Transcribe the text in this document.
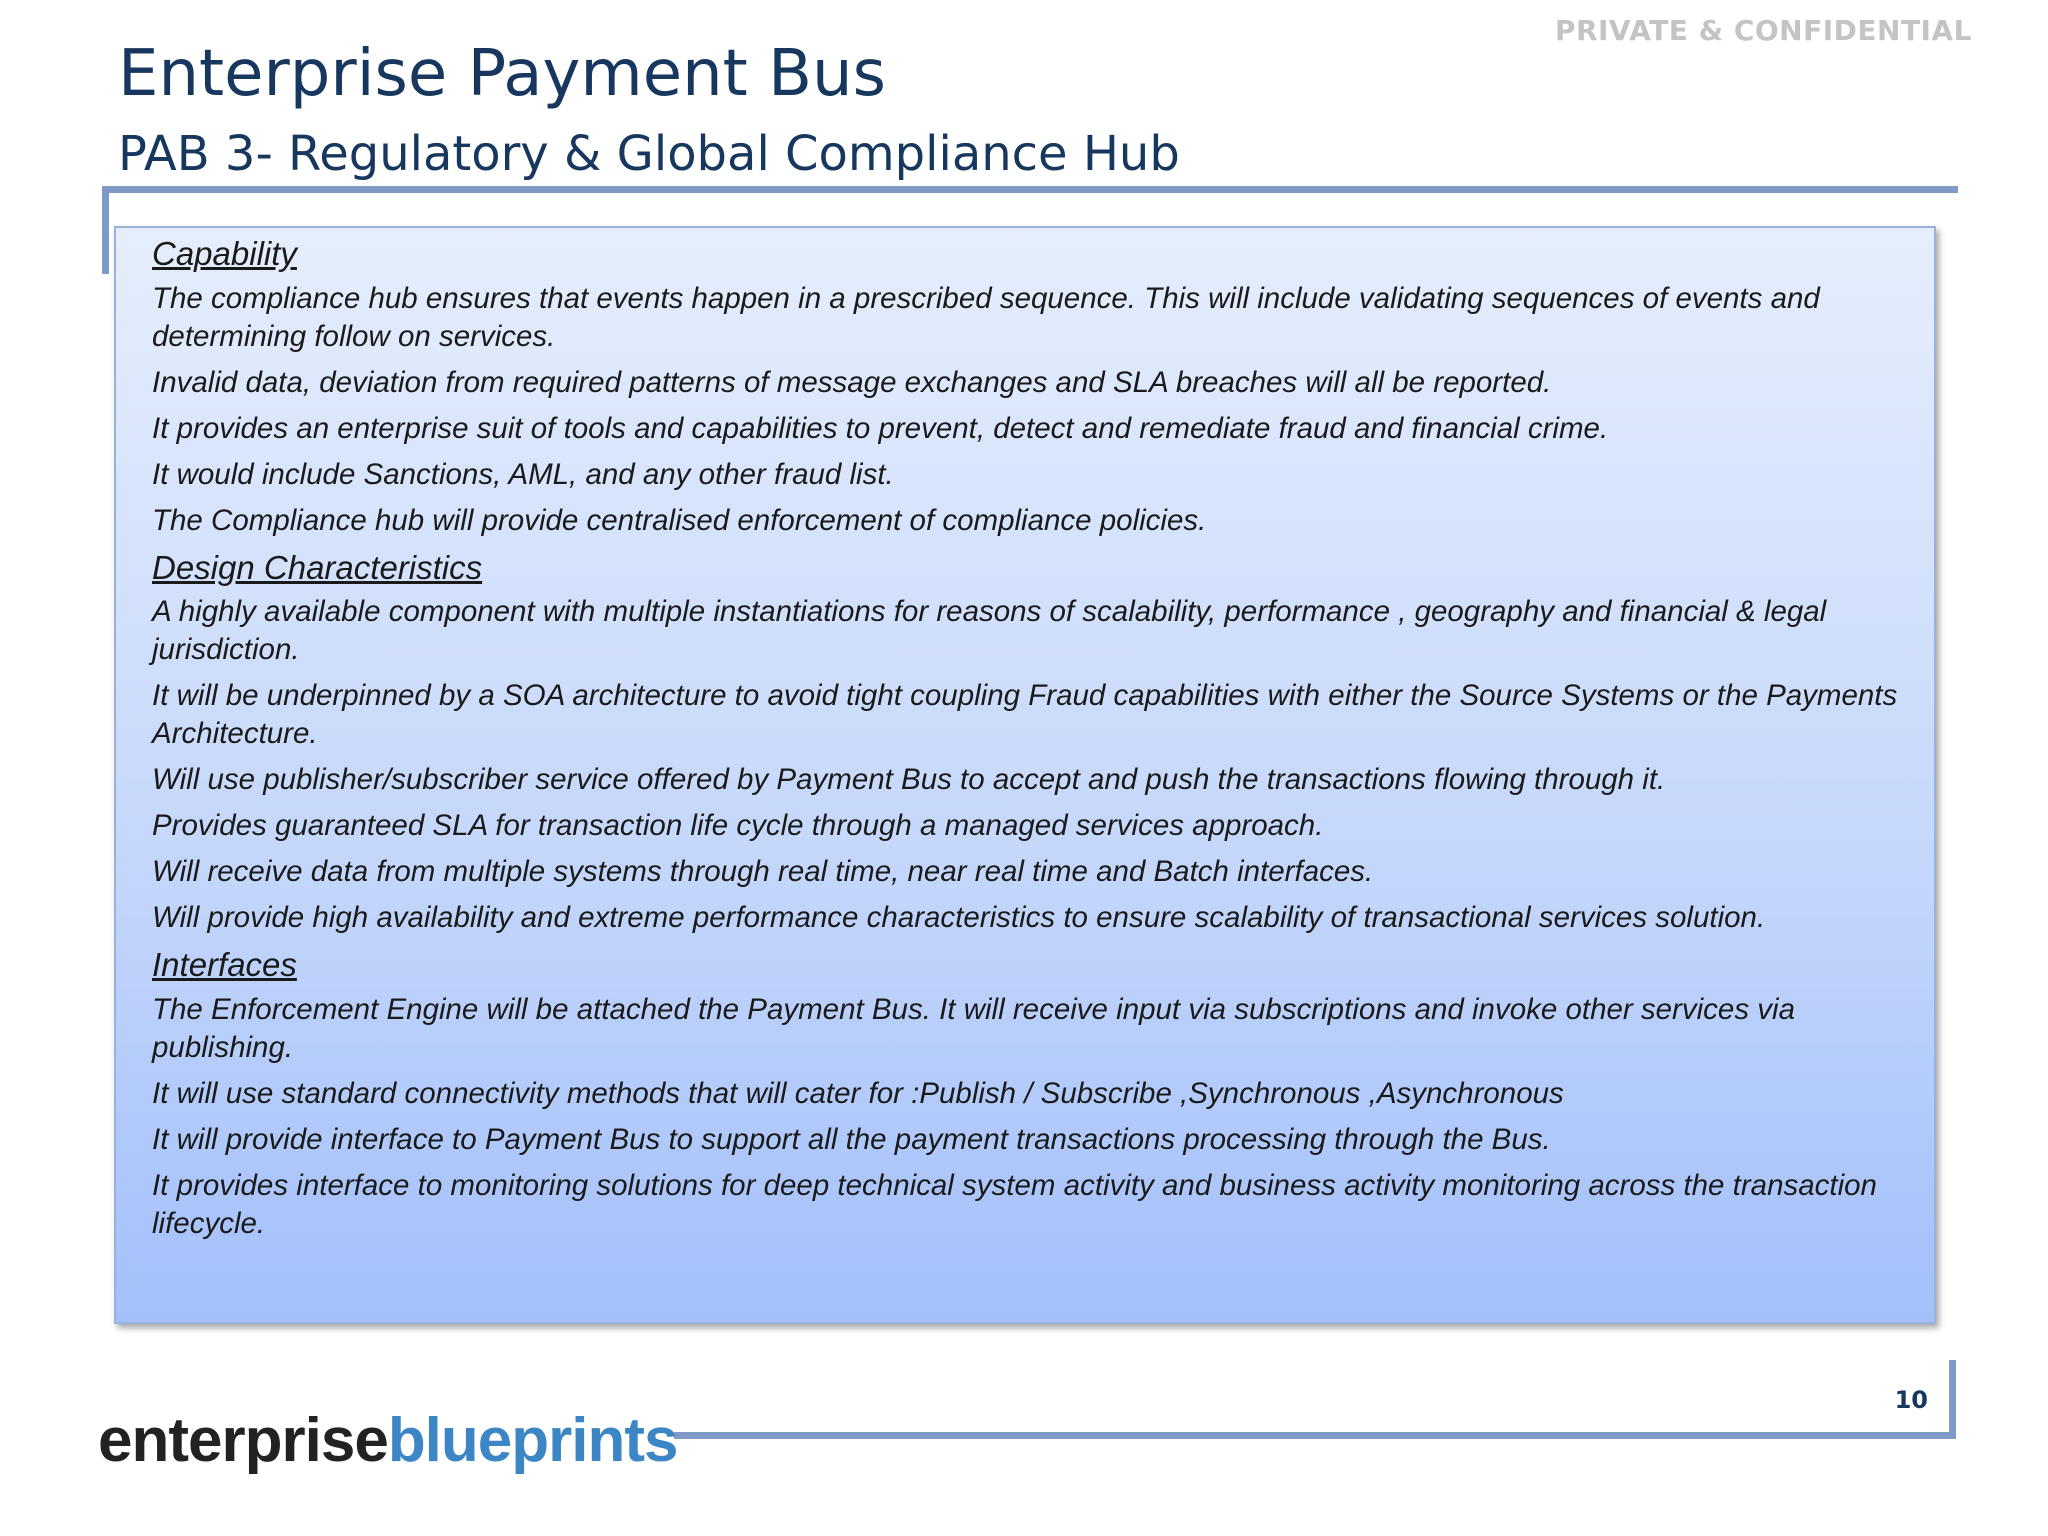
PRIVATE & CONFIDENTIAL
Enterprise Payment Bus
PAB 3- Regulatory & Global Compliance Hub
Capability

The compliance hub ensures that events happen in a prescribed sequence. This will include validating sequences of events and determining follow on services.

Invalid data, deviation from required patterns of message exchanges and SLA breaches will all be reported.

It provides an enterprise suit of tools and capabilities to prevent, detect and remediate fraud and financial crime.

It would include Sanctions, AML, and any other fraud list.

The Compliance hub will provide centralised enforcement of compliance policies.

Design Characteristics

A highly available component with multiple instantiations for reasons of scalability, performance , geography and financial & legal jurisdiction.

It will be underpinned by a SOA architecture to avoid tight coupling Fraud capabilities with either the Source Systems or the Payments Architecture.

Will use publisher/subscriber service offered by Payment Bus to accept and push the transactions flowing through it.

Provides guaranteed SLA for transaction life cycle through a managed services approach.

Will receive data from multiple systems through real time, near real time and Batch interfaces.

Will provide high availability and extreme performance characteristics to ensure scalability of transactional services solution.

Interfaces

The Enforcement Engine will be attached the Payment Bus. It will receive input via subscriptions and invoke other services via publishing.

It will use standard connectivity methods that will cater for :Publish / Subscribe ,Synchronous ,Asynchronous

It will provide interface to Payment Bus to support all the payment transactions processing through the Bus.

It provides interface to monitoring solutions for deep technical system activity and business activity monitoring across the transaction lifecycle.

10
enterpriseblueprints
